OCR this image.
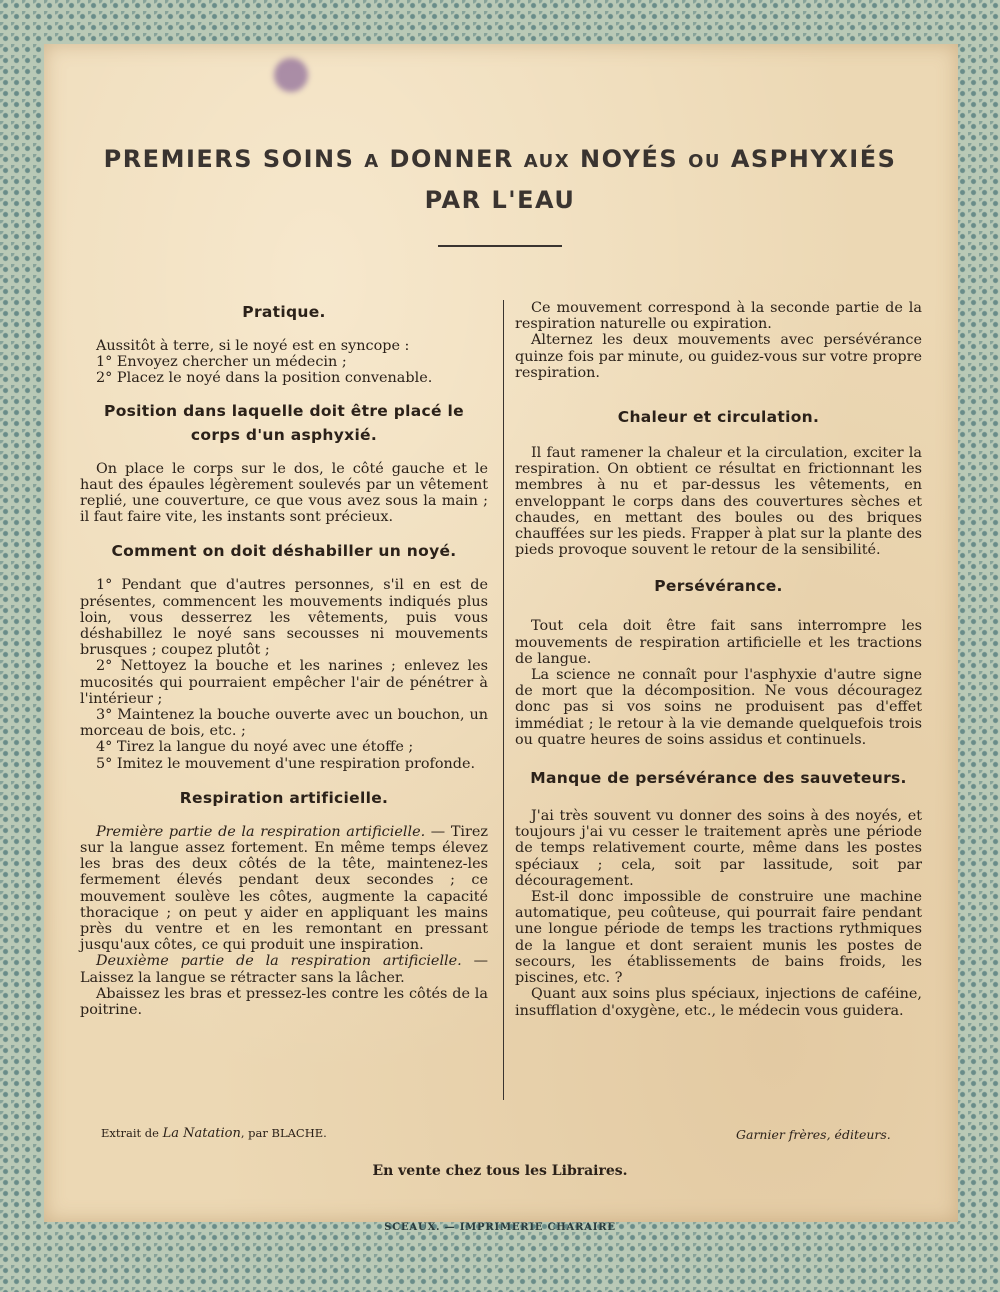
PREMIERS SOINS A DONNER AUX NOYÉS OU ASPHYXIÉS
PAR L'EAU
Pratique.

Aussitôt à terre, si le noyé est en syncope :

1° Envoyez chercher un médecin ;

2° Placez le noyé dans la position convenable.

Position dans laquelle doit être placé le corps d'un asphyxié.

On place le corps sur le dos, le côté gauche et le haut des épaules légèrement soulevés par un vêtement replié, une couverture, ce que vous avez sous la main ; il faut faire vite, les instants sont précieux.

Comment on doit déshabiller un noyé.

1° Pendant que d'autres personnes, s'il en est de présentes, commencent les mouvements indiqués plus loin, vous desserrez les vêtements, puis vous déshabillez le noyé sans secousses ni mouvements brusques ; coupez plutôt ;

2° Nettoyez la bouche et les narines ; enlevez les mucosités qui pourraient empêcher l'air de pénétrer à l'intérieur ;

3° Maintenez la bouche ouverte avec un bouchon, un morceau de bois, etc. ;

4° Tirez la langue du noyé avec une étoffe ;

5° Imitez le mouvement d'une respiration profonde.

Respiration artificielle.

Première partie de la respiration artificielle. — Tirez sur la langue assez fortement. En même temps élevez les bras des deux côtés de la tête, maintenez-les fermement élevés pendant deux secondes ; ce mouvement soulève les côtes, augmente la capacité thoracique ; on peut y aider en appliquant les mains près du ventre et en les remontant en pressant jusqu'aux côtes, ce qui produit une inspiration.

Deuxième partie de la respiration artificielle. — Laissez la langue se rétracter sans la lâcher.

Abaissez les bras et pressez-les contre les côtés de la poitrine.

Ce mouvement correspond à la seconde partie de la respiration naturelle ou expiration.

Alternez les deux mouvements avec persévérance quinze fois par minute, ou guidez-vous sur votre propre respiration.

Chaleur et circulation.

Il faut ramener la chaleur et la circulation, exciter la respiration. On obtient ce résultat en frictionnant les membres à nu et par-dessus les vêtements, en enveloppant le corps dans des couvertures sèches et chaudes, en mettant des boules ou des briques chauffées sur les pieds. Frapper à plat sur la plante des pieds provoque souvent le retour de la sensibilité.

Persévérance.

Tout cela doit être fait sans interrompre les mouvements de respiration artificielle et les tractions de langue.

La science ne connaît pour l'asphyxie d'autre signe de mort que la décomposition. Ne vous découragez donc pas si vos soins ne produisent pas d'effet immédiat ; le retour à la vie demande quelquefois trois ou quatre heures de soins assidus et continuels.

Manque de persévérance des sauveteurs.

J'ai très souvent vu donner des soins à des noyés, et toujours j'ai vu cesser le traitement après une période de temps relativement courte, même dans les postes spéciaux ; cela, soit par lassitude, soit par découragement.

Est-il donc impossible de construire une machine automatique, peu coûteuse, qui pourrait faire pendant une longue période de temps les tractions rythmiques de la langue et dont seraient munis les postes de secours, les établissements de bains froids, les piscines, etc. ?

Quant aux soins plus spéciaux, injections de caféine, insufflation d'oxygène, etc., le médecin vous guidera.

Extrait de La Natation, par BLACHE.	Garnier frères, éditeurs.
En vente chez tous les Libraires.
SCEAUX. — IMPRIMERIE CHARAIRE
